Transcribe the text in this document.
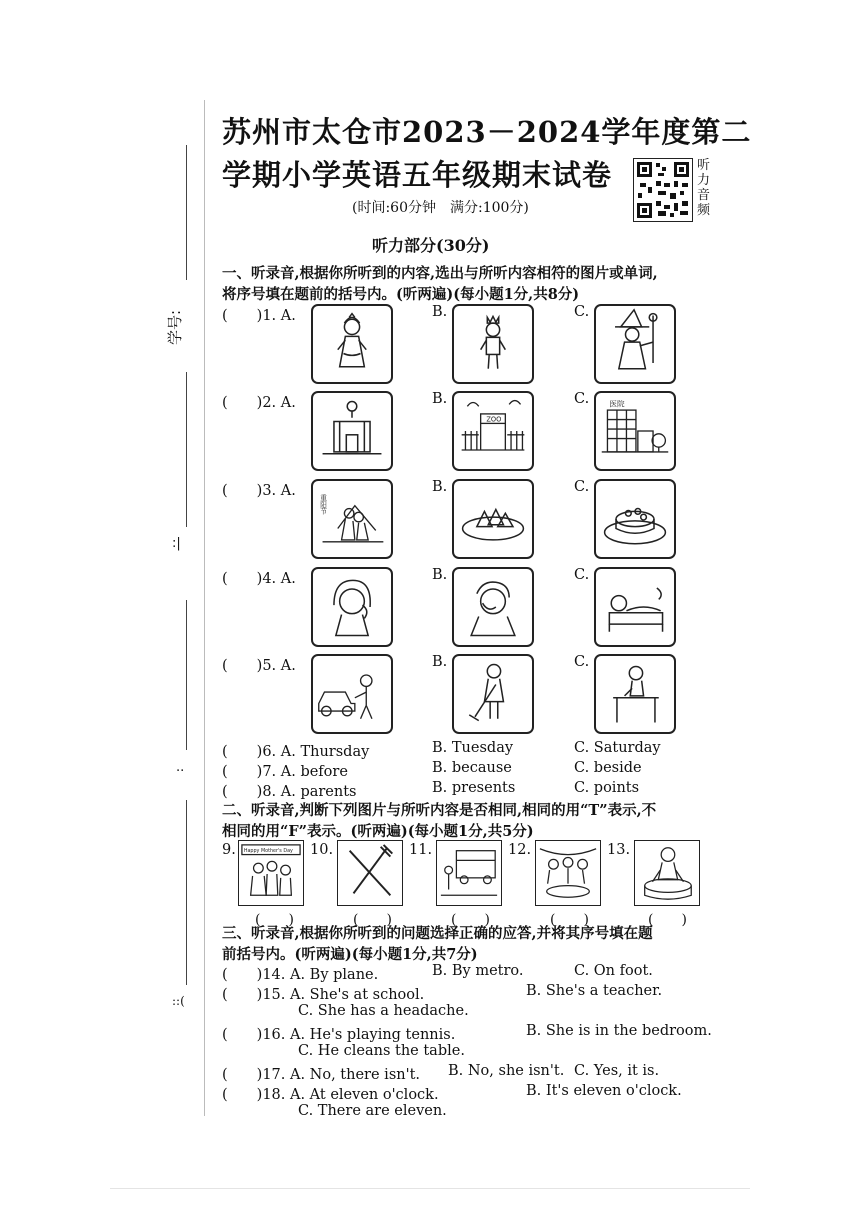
学号:
:|
..
::(
苏州市太仓市2023－2024学年度第二
学期小学英语五年级期末试卷
(时间:60分钟　满分:100分)
听力音频
听力部分(30分)
一、听录音,根据你所听到的内容,选出与所听内容相符的图片或单词,将序号填在题前的括号内。(听两遍)(每小题1分,共8分)
(　　)1. A.	B.	C.
(　　)2. A.	B.
ZOO
C.	医院
(　　)3. A.
重阳节
B.	C.
(　　)4. A.	B.	C.
(　　)5. A.	B.	C.
(　　)6. A. Thursday	B. Tuesday	C. Saturday
(　　)7. A. before	B. because	C. beside
(　　)8. A. parents	B. presents	C. points
二、听录音,判断下列图片与所听内容是否相同,相同的用“T”表示,不相同的用“F”表示。(听两遍)(每小题1分,共5分)
9. Happy Mother's Day 10.	11.	12.	13.
(　　)	(　　)	(　　)	(　　)	(　　)
三、听录音,根据你所听到的问题选择正确的应答,并将其序号填在题前括号内。(听两遍)(每小题1分,共7分)
(　　)14. A. By plane.	B. By metro.	C. On foot.
(　　)15. A. She's at school.	B. She's a teacher.
C. She has a headache.
(　　)16. A. He's playing tennis.	B. She is in the bedroom.
C. He cleans the table.
(　　)17. A. No, there isn't. B. No, she isn't. C. Yes, it is.
(　　)18. A. At eleven o'clock.	B. It's eleven o'clock.
C. There are eleven.
